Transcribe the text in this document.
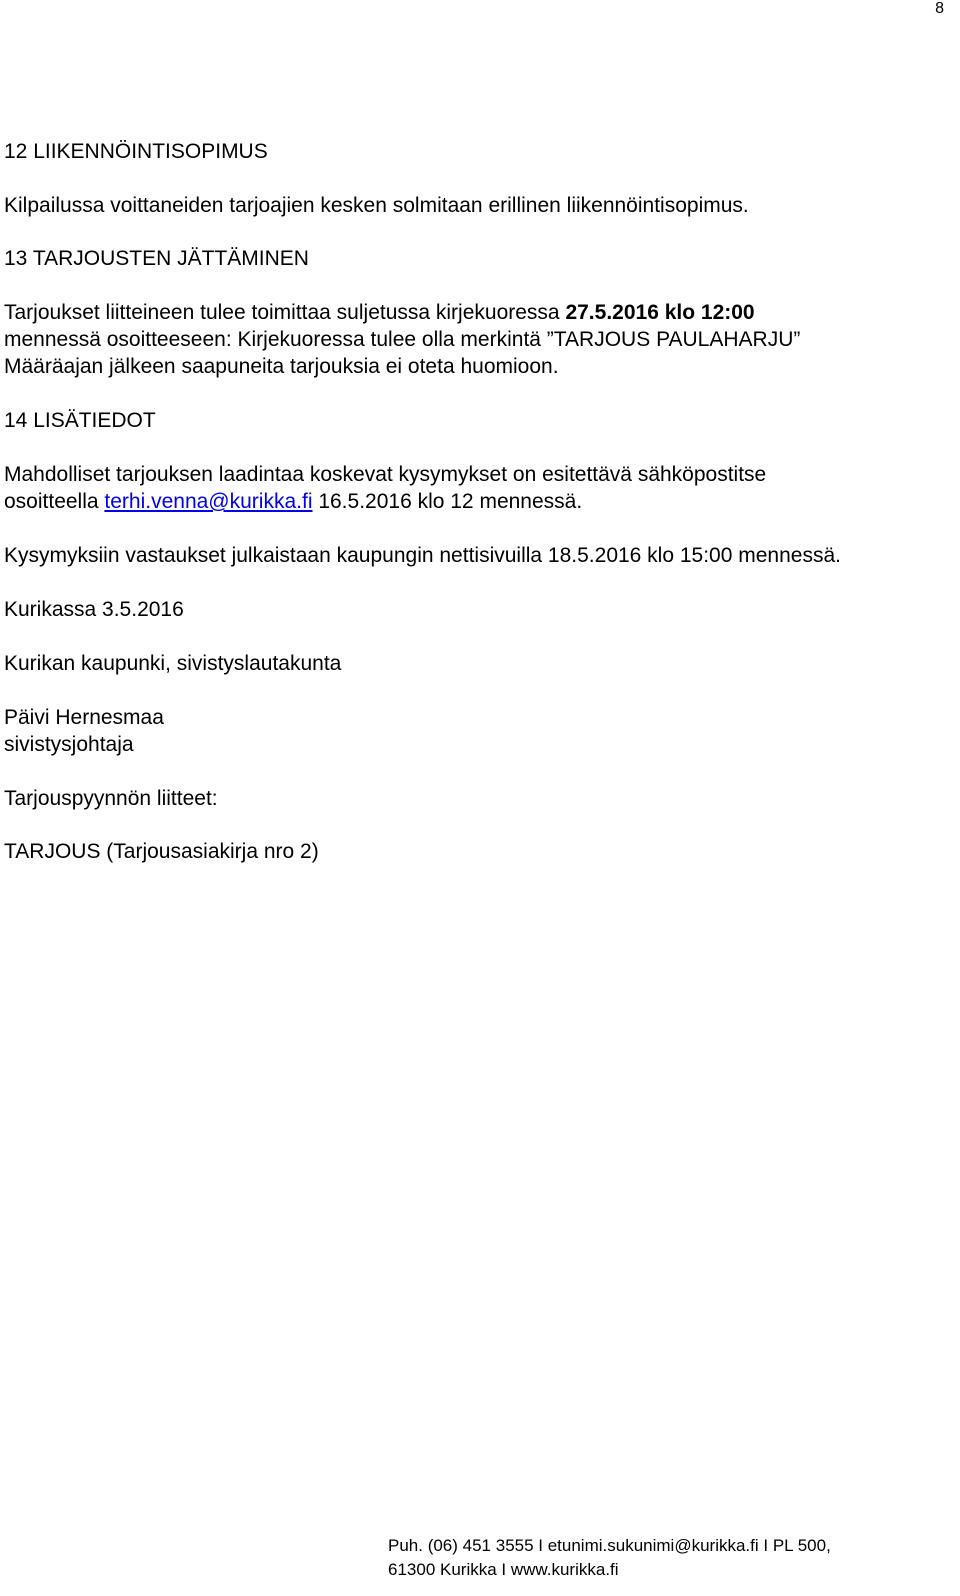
8
12 LIIKENNÖINTISOPIMUS

Kilpailussa voittaneiden tarjoajien kesken solmitaan erillinen liikennöintisopimus.

13 TARJOUSTEN JÄTTÄMINEN
Tarjoukset liitteineen tulee toimittaa suljetussa kirjekuoressa 27.5.2016 klo 12:00
mennessä osoitteeseen: Kirjekuoressa tulee olla merkintä ”TARJOUS PAULAHARJU”
Määräajan jälkeen saapuneita tarjouksia ei oteta huomioon.
14 LISÄTIEDOT
Mahdolliset tarjouksen laadintaa koskevat kysymykset on esitettävä sähköpostitse
osoitteella terhi.venna@kurikka.fi 16.5.2016 klo 12 mennessä.

Kysymyksiin vastaukset julkaistaan kaupungin nettisivuilla 18.5.2016 klo 15:00 mennessä.

Kurikassa 3.5.2016

Kurikan kaupunki, sivistyslautakunta

Päivi Hernesmaa
sivistysjohtaja

Tarjouspyynnön liitteet:

TARJOUS (Tarjousasiakirja nro 2)

Puh. (06) 451 3555 I etunimi.sukunimi@kurikka.fi I PL 500,
61300 Kurikka I www.kurikka.fi
